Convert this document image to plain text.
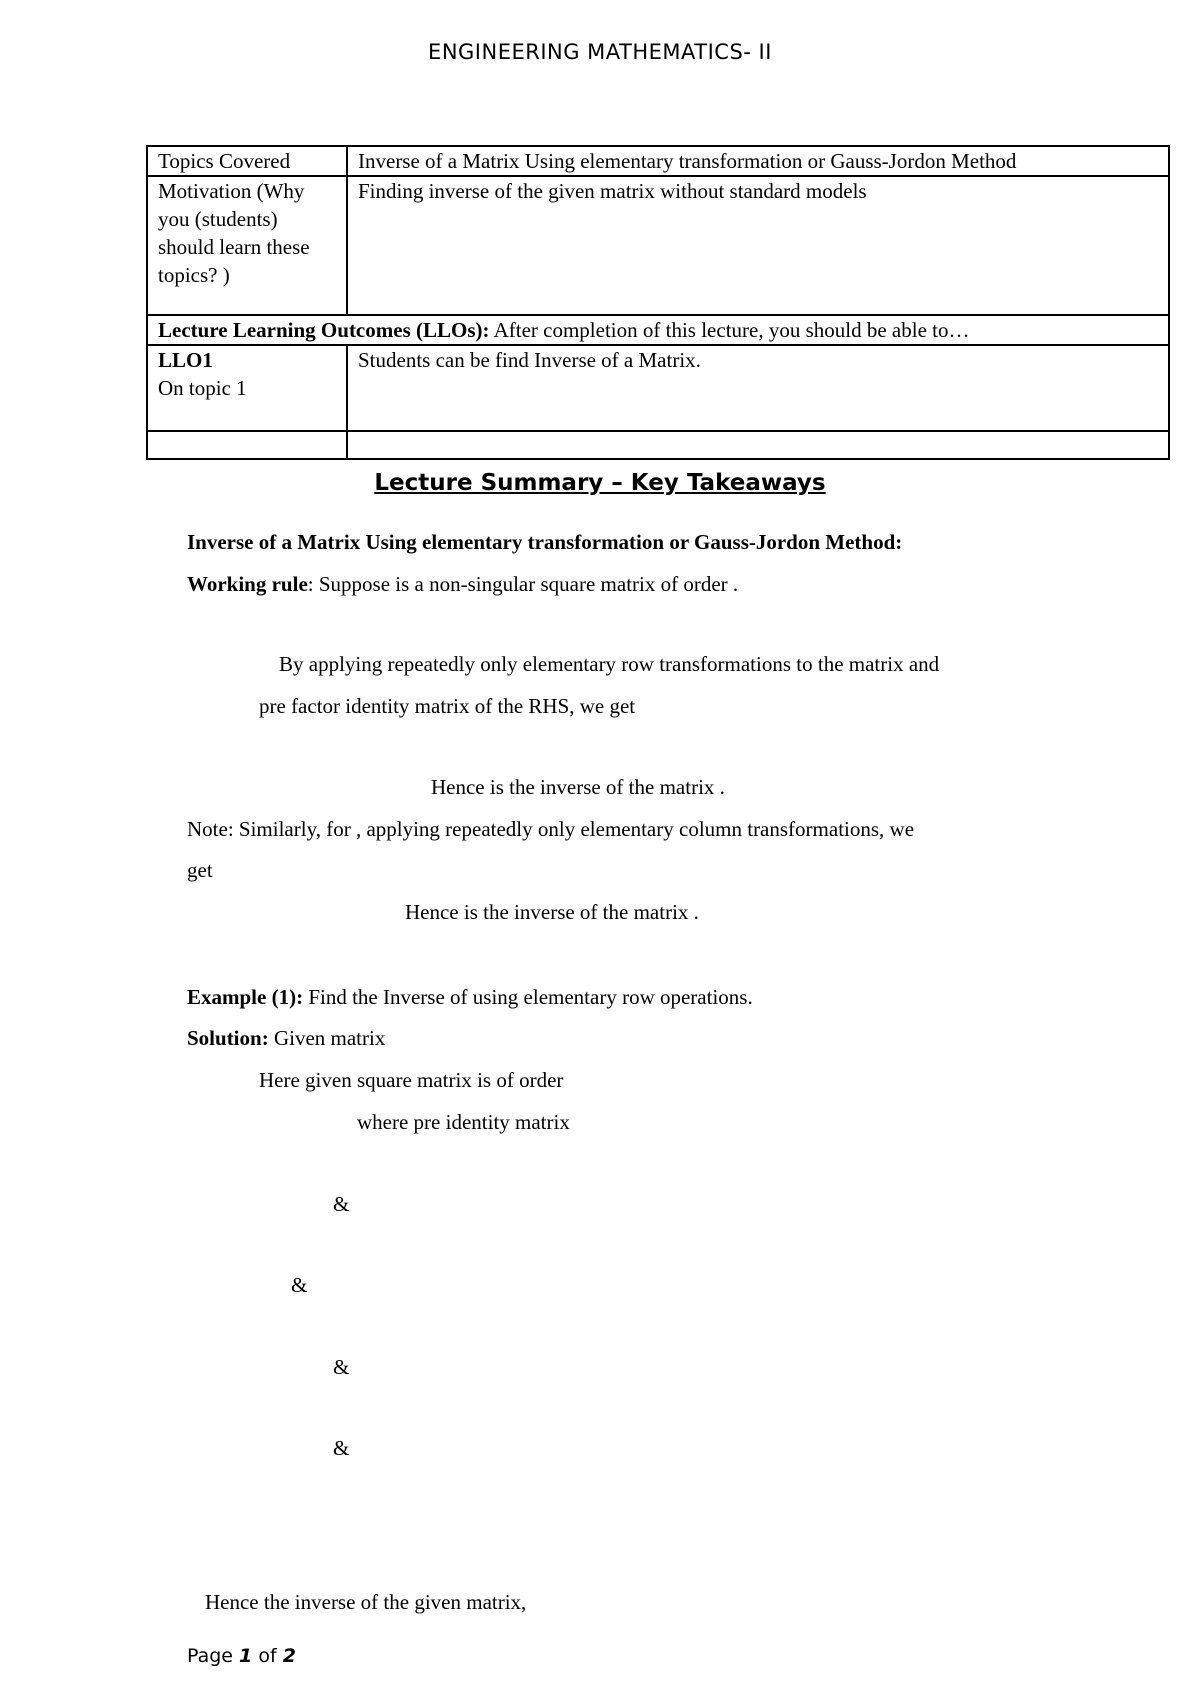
ENGINEERING MATHEMATICS- II
Topics Covered	Inverse of a Matrix Using elementary transformation or Gauss-Jordon Method
Motivation (Why you (students) should learn these topics? )	Finding inverse of the given matrix without standard models
Lecture Learning Outcomes (LLOs): After completion of this lecture, you should be able to…	
LLO1
On topic 1	Students can be find Inverse of a Matrix.

Lecture Summary – Key Takeaways
Inverse of a Matrix Using elementary transformation or Gauss-Jordon Method:
Working rule: Suppose is a non-singular square matrix of order .
By applying repeatedly only elementary row transformations to the matrix and
pre factor identity matrix of the RHS, we get
Hence is the inverse of the matrix .
Note: Similarly, for , applying repeatedly only elementary column transformations, we
get
Hence is the inverse of the matrix .
Example (1): Find the Inverse of using elementary row operations.
Solution: Given matrix
Here given square matrix is of order
where pre identity matrix
&
&
&
&
Hence the inverse of the given matrix,
Page 1 of 2
